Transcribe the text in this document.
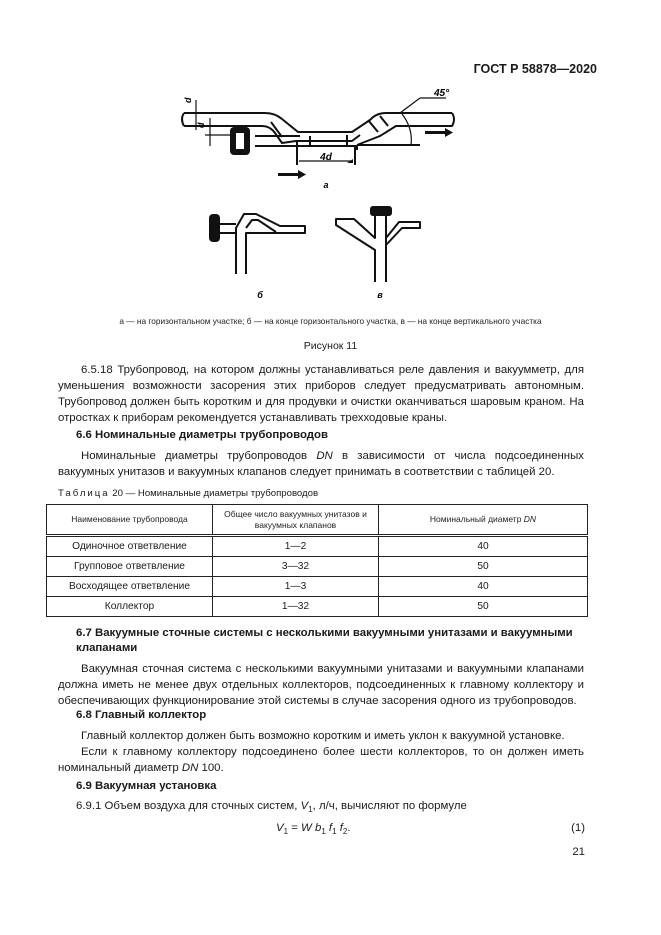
ГОСТ Р 58878—2020
4d
45°
d
d
а
б	в
а — на горизонтальном участке; б — на конце горизонтального участка, в — на конце вертикального участка
Рисунок 11
6.5.18 Трубопровод, на котором должны устанавливаться реле давления и вакуумметр, для уменьшения возможности засорения этих приборов следует предусматривать автономным. Трубопровод должен быть коротким и для продувки и очистки оканчиваться шаровым краном. На отростках к приборам рекомендуется устанавливать трехходовые краны.
6.6 Номинальные диаметры трубопроводов
Номинальные диаметры трубопроводов DN в зависимости от числа подсоединенных вакуумных унитазов и вакуумных клапанов следует принимать в соответствии с таблицей 20.
Таблица 20 — Номинальные диаметры трубопроводов
Наименование трубопровода	Общее число вакуумных унитазов и вакуумных клапанов	Номинальный диаметр DN
Одиночное ответвление	1—2	40
Групповое ответвление	3—32	50
Восходящее ответвление	1—3	40
Коллектор	1—32	50
6.7 Вакуумные сточные системы с несколькими вакуумными унитазами и вакуумными клапанами
Вакуумная сточная система с несколькими вакуумными унитазами и вакуумными клапанами должна иметь не менее двух отдельных коллекторов, подсоединенных к главному коллектору и обеспечивающих функционирование этой системы в случае засорения одного из трубопроводов.
6.8 Главный коллектор
Главный коллектор должен быть возможно коротким и иметь уклон к вакуумной установке.
Если к главному коллектору подсоединено более шести коллекторов, то он должен иметь номинальный диаметр DN 100.
6.9 Вакуумная установка
6.9.1 Объем воздуха для сточных систем, $V_1$, л/ч, вычисляют по формуле
$V_1 = W$ $b_1$ $f_1$ $f_2$.	(1)
21
